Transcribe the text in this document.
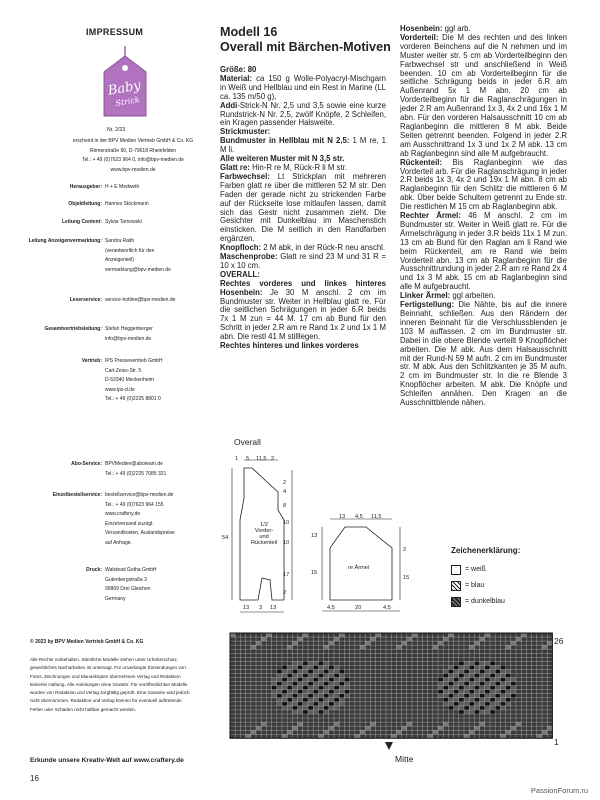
IMPRESSUM
Baby
Strick
Nr. 2/23
erscheint in der BPV Medien Vertrieb GmbH & Co. KG
Römerstraße 90, D-79618 Rheinfelden
Tel.: + 49 (0)7623 964 0, info@bpv-medien.de
www.bpv-medien.de
Herausgeber: H + E Medweth
Objektleitung: Hannes Stockmann
Leitung Content: Sylvia Tarnowski
Leitung Anzeigenvermarktung: Sandra Raith
(verantwortlich für den
Anzeigenteil)
vermarktung@bpv-medien.de
Leserservice: service-hotline@bpv-medien.de
Gesamtvertriebsleitung: Stefan Heggenberger
info@bpv-medien.de
Vertrieb: IPS Pressevertrieb GmbH
Carl-Zeiss-Str. 5
D-53340 Meckenheim
www.ips-d.de
Tel.: + 49 (0)2225 8801 0
Abo-Service: BPVMedien@aboteam.de
Tel.: + 49 (0)2225 7085 321
Einzelbestellservice: bestellservice@bpv-medien.de
Tel.: + 49 (0)7623 964 155
www.craftery.de
Einzelversand zuzügl.
Versandkosten, Auslandspreise
auf Anfrage.
Druck: Walstead Gotha GmbH
Gutenbergstraße 3
99869 Drei Gleichen
Germany
© 2023 by BPV Medien Vertrieb GmbH & Co. KG
Alle Rechte vorbehalten. Sämtliche Modelle stehen unter Urheberschutz,
gewerbliches Nacharbeiten ist untersagt. Für unverlangte Einsendungen von
Fotos, Zeichnungen und Manuskripten übernehmen Verlag und Redaktion
keinerlei Haftung. Alle Anleitungen ohne Gewähr. Für veröffentlichten Modelle
wurden von Redaktion und Verlag sorgfältig geprüft. Eine Garantie wird jedoch
nicht übernommen. Redaktion und Verlag können für eventuell auftretende
Fehler oder Schäden nicht haftbar gemacht werden.
Erkunde unsere Kreativ-Welt auf www.craftery.de
16
PassionForum.ru
Modell 16
Overall mit Bärchen-Motiven

Größe: 80

Material: ca 150 g Wolle-Polyacryl-Mischgarn in Weiß und Hellblau und ein Rest in Marine (LL ca. 135 m/50 g),

Addi-Strick-N Nr. 2,5 und 3,5 sowie eine kurze Rundstrick-N Nr. 2,5, zwölf Knöpfe, 2 Schleifen, ein Kragen passender Halsweite.

Strickmuster:

Bundmuster in Hellblau mit N 2,5: 1 M re, 1 M li.

Alle weiteren Muster mit N 3,5 str.

Glatt re: Hin-R re M, Rück-R li M str.

Farbwechsel: Lt Strickplan mit mehreren Farben glatt re über die mittleren 52 M str. Den Faden der gerade nicht zu strickenden Farbe auf der Rückseite lose mitlaufen lassen, damit sich das Gestr nicht zusammen zieht. Die Gesichter mit Dunkelblau im Maschenstich einsticken. Die M seitlich in den Randfarben ergänzen.

Knopfloch: 2 M abk, in der Rück-R neu anschl.

Maschenprobe: Glatt re sind 23 M und 31 R = 10 x 10 cm.

OVERALL:

Rechtes vorderes und linkes hinteres Hosenbein: Je 30 M anschl. 2 cm im Bundmuster str. Weiter in Hellblau glatt re. Für die seitlichen Schrägungen in jeder 6.R beids 7x 1 M zun = 44 M. 17 cm ab Bund für den Schritt in jeder 2.R am re Rand 1x 2 und 1x 1 M abn. Die restl 41 M stilllegen.

Rechtes hinteres und linkes vorderes

Hosenbein: ggl arb.

Vorderteil: Die M des rechten und des linken vorderen Beinchens auf die N nehmen und im Muster weiter str. 5 cm ab Vorderteilbeginn den Farbwechsel str und anschließend in Weiß beenden. 10 cm ab Vorderteilbeginn für die seitliche Schrägung beids in jeder 6.R am Außenrand 5x 1 M abn. 20 cm ab Vorderteilbeginn für die Raglanschrägungen in jeder 2.R am Außenrand 1x 3, 4x 2 und 16x 1 M abn. Für den vorderen Halsausschnitt 10 cm ab Raglanbeginn die mittleren 8 M abk. Beide Seiten getrennt beenden. Folgend in jeder 2.R am Ausschnittrand 1x 3 und 1x 2 M abk. 13 cm ab Raglanbeginn sind alle M aufgebraucht.

Rückenteil: Bis Raglanbeginn wie das Vorderteil arb. Für die Raglanschrägung in jeder 2.R beids 1x 3, 4x 2 und 19x 1 M abn. 8 cm ab Raglanbeginn für den Schlitz die mittleren 6 M abk. Über beide Schultern getrennt zu Ende str. Die restlichen M 15 cm ab Raglanbeginn abk.

Rechter Ärmel: 46 M anschl. 2 cm im Bundmuster str. Weiter in Weiß glatt re. Für die Ärmelschrägung in jeder 3.R beids 11x 1 M zun. 13 cm ab Bund für den Raglan am li Rand wie beim Rückenteil, am re Rand wie beim Vorderteil abn. 13 cm ab Raglanbeginn für die Ausschnittrundung in jeder 2.R am re Rand 2x 4 und 1x 3 M abk. 15 cm ab Raglanbeginn sind alle M aufgebraucht.

Linker Ärmel: ggl arbeiten.

Fertigstellung: Die Nähte, bis auf die innere Beinnaht, schließen. Aus den Rändern der inneren Beinnaht für die Verschlussblenden je 103 M auffassen. 2 cm im Bundmuster str. Dabei in die obere Blende verteilt 9 Knopflöcher arbeiten. Die M abk. Aus dem Halsausschnitt mit der Rund-N 59 M aufn. 2 cm im Bundmuster str. M abk. Aus den Schlitzkanten je 35 M aufn. 2 cm im Bundmuster str. In die re Blende 3 Knopflöcher arbeiten. M abk. Die Knöpfe und Schleifen annähen. Den Kragen an die Ausschnittblende nähen.

Overall
1/2
Vorder-
und
Rückenteil
re Ärmel
1 5 11,5 2
2
4
8
10
10
17
2
54
13 3 13
13 4,5 11,5
13
15
2
15
4,5	20	4,5
Zeichenerklärung:
= weiß
= blau
= dunkelblau
26
1
Mitte
